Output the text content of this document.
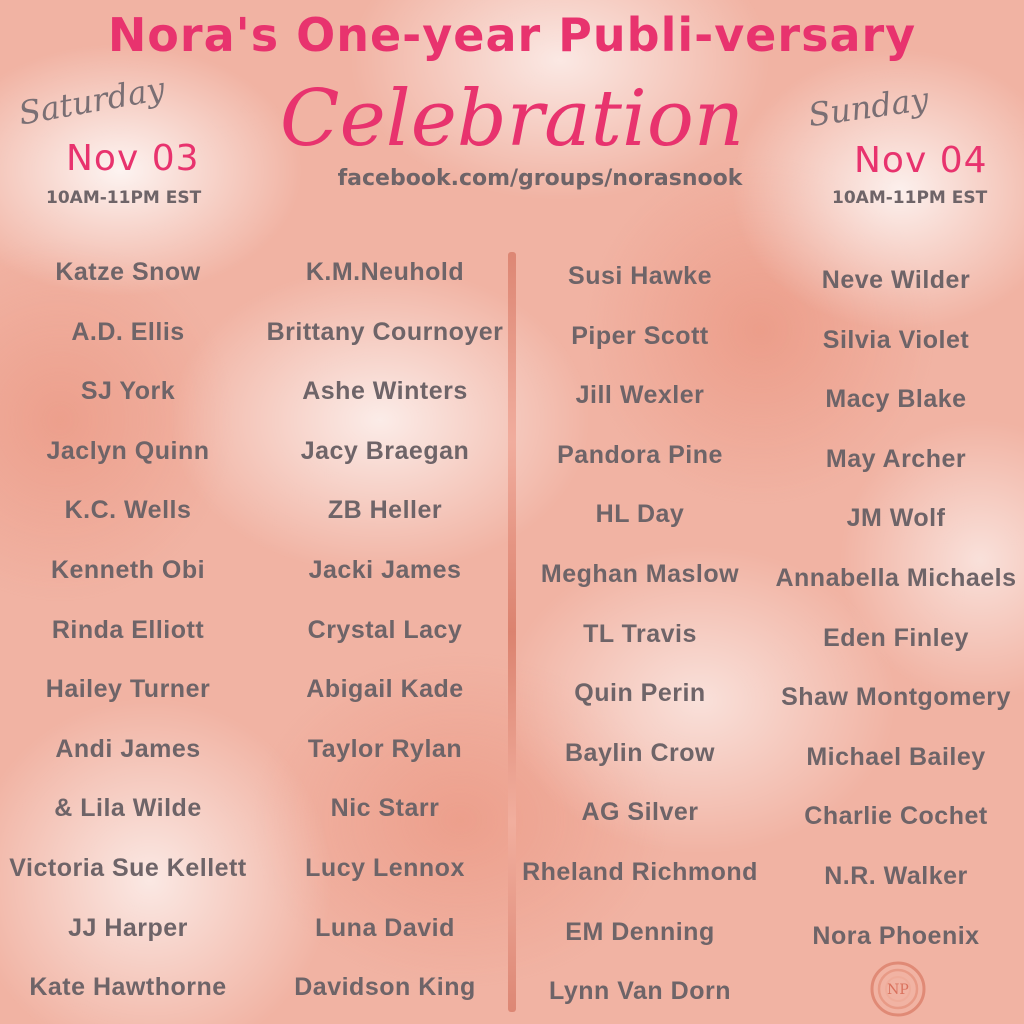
Nora's One-year Publi-versary
Celebration
Saturday
Nov 03
10AM-11PM EST
facebook.com/groups/norasnook
Sunday
Nov 04
10AM-11PM EST
Katze Snow
A.D. Ellis
SJ York
Jaclyn Quinn
K.C. Wells
Kenneth Obi
Rinda Elliott
Hailey Turner
Andi James
& Lila Wilde
Victoria Sue Kellett
JJ Harper
Kate Hawthorne
K.M.Neuhold
Brittany Cournoyer
Ashe Winters
Jacy Braegan
ZB Heller
Jacki James
Crystal Lacy
Abigail Kade
Taylor Rylan
Nic Starr
Lucy Lennox
Luna David
Davidson King
Susi Hawke
Piper Scott
Jill Wexler
Pandora Pine
HL Day
Meghan Maslow
TL Travis
Quin Perin
Baylin Crow
AG Silver
Rheland Richmond
EM Denning
Lynn Van Dorn
Neve Wilder
Silvia Violet
Macy Blake
May Archer
JM Wolf
Annabella Michaels
Eden Finley
Shaw Montgomery
Michael Bailey
Charlie Cochet
N.R. Walker
Nora Phoenix
NP
